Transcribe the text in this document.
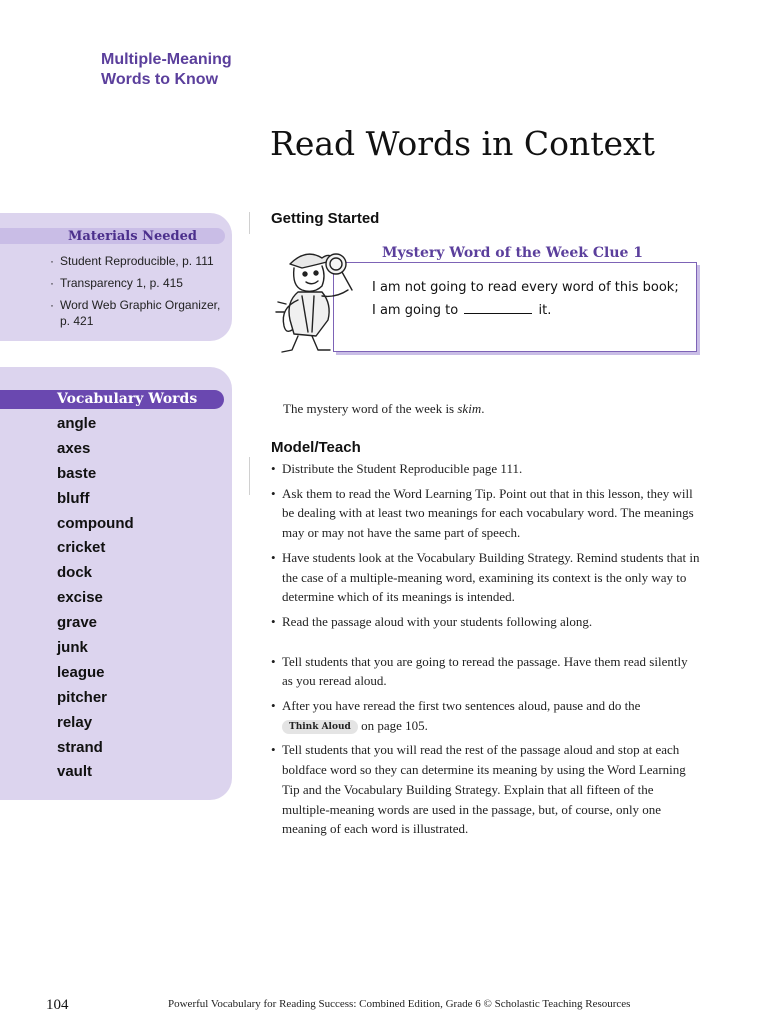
Multiple-Meaning
Words to Know
Read Words in Context
Materials Needed
· Student Reproducible, p. 111
· Transparency 1, p. 415
· Word Web Graphic Organizer, p. 421
Vocabulary Words
angle
axes
baste
bluff
compound
cricket
dock
excise
grave
junk
league
pitcher
relay
strand
vault
Getting Started
Mystery Word of the Week Clue 1
I am not going to read every word of this book;
I am going to	it.
The mystery word of the week is skim.
Model/Teach
• Distribute the Student Reproducible page 111.
• Ask them to read the Word Learning Tip. Point out that in this lesson, they will be dealing with at least two meanings for each vocabulary word. The meanings may or may not have the same part of speech.
• Have students look at the Vocabulary Building Strategy. Remind students that in the case of a multiple-meaning word, examining its context is the only way to determine which of its meanings is intended.
• Read the passage aloud with your students following along.
• Tell students that you are going to reread the passage. Have them read silently as you reread aloud.
• After you have reread the first two sentences aloud, pause and do the
Think Aloud on page 105.
• Tell students that you will read the rest of the passage aloud and stop at each boldface word so they can determine its meaning by using the Word Learning Tip and the Vocabulary Building Strategy. Explain that all fifteen of the multiple-meaning words are used in the passage, but, of course, only one meaning of each word is illustrated.
104	Powerful Vocabulary for Reading Success: Combined Edition, Grade 6 © Scholastic Teaching Resources
